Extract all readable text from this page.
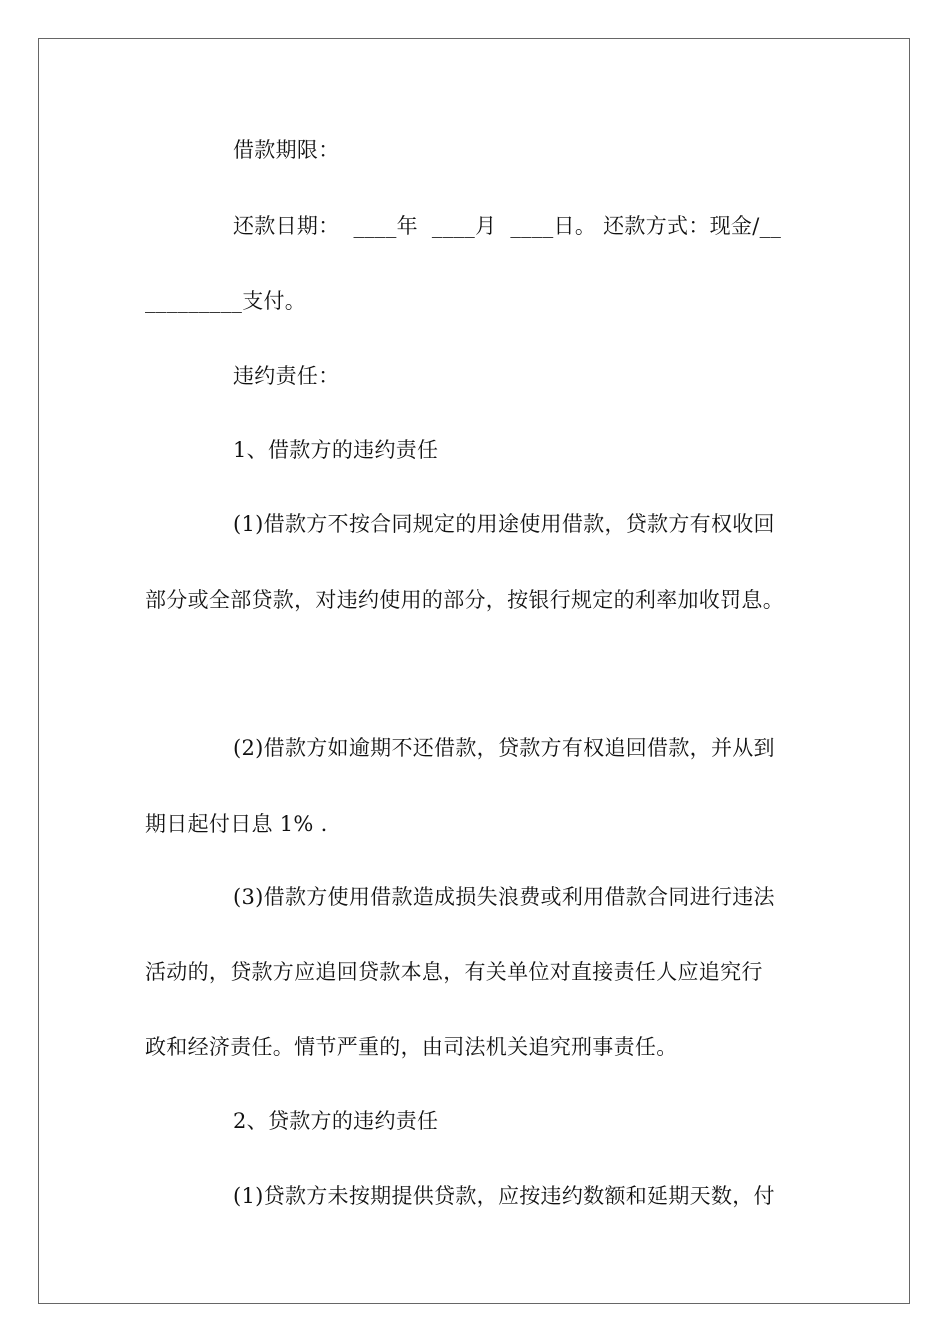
借款期限：
还款日期：  ____年  ____月  ____日。 还款方式：现金/__
_________支付。
违约责任：
1、借款方的违约责任
(1)借款方不按合同规定的用途使用借款，贷款方有权收回
部分或全部贷款，对违约使用的部分，按银行规定的利率加收罚息。
(2)借款方如逾期不还借款，贷款方有权追回借款，并从到
期日起付日息 1% .
(3)借款方使用借款造成损失浪费或利用借款合同进行违法
活动的，贷款方应追回贷款本息，有关单位对直接责任人应追究行
政和经济责任。情节严重的，由司法机关追究刑事责任。
2、贷款方的违约责任
(1)贷款方未按期提供贷款，应按违约数额和延期天数，付
